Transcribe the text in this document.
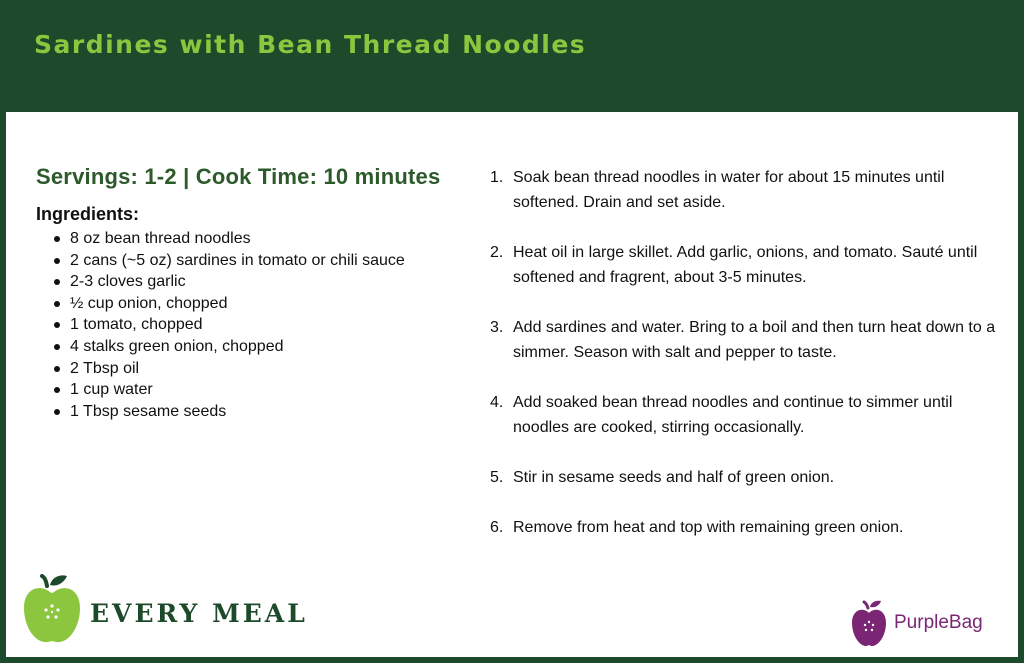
Sardines with Bean Thread Noodles
Servings: 1-2 | Cook Time: 10 minutes
Ingredients:
8 oz bean thread noodles
2 cans (~5 oz) sardines in tomato or chili sauce
2-3 cloves garlic
½ cup onion, chopped
1 tomato, chopped
4 stalks green onion, chopped
2 Tbsp oil
1 cup water
1 Tbsp sesame seeds
1. Soak bean thread noodles in water for about 15 minutes until softened. Drain and set aside.
2. Heat oil in large skillet. Add garlic, onions, and tomato. Sauté until softened and fragrent, about 3-5 minutes.
3. Add sardines and water. Bring to a boil and then turn heat down to a simmer. Season with salt and pepper to taste.
4. Add soaked bean thread noodles and continue to simmer until noodles are cooked, stirring occasionally.
5. Stir in sesame seeds and half of green onion.
6. Remove from heat and top with remaining green onion.
EVERY MEAL	PurpleBag
